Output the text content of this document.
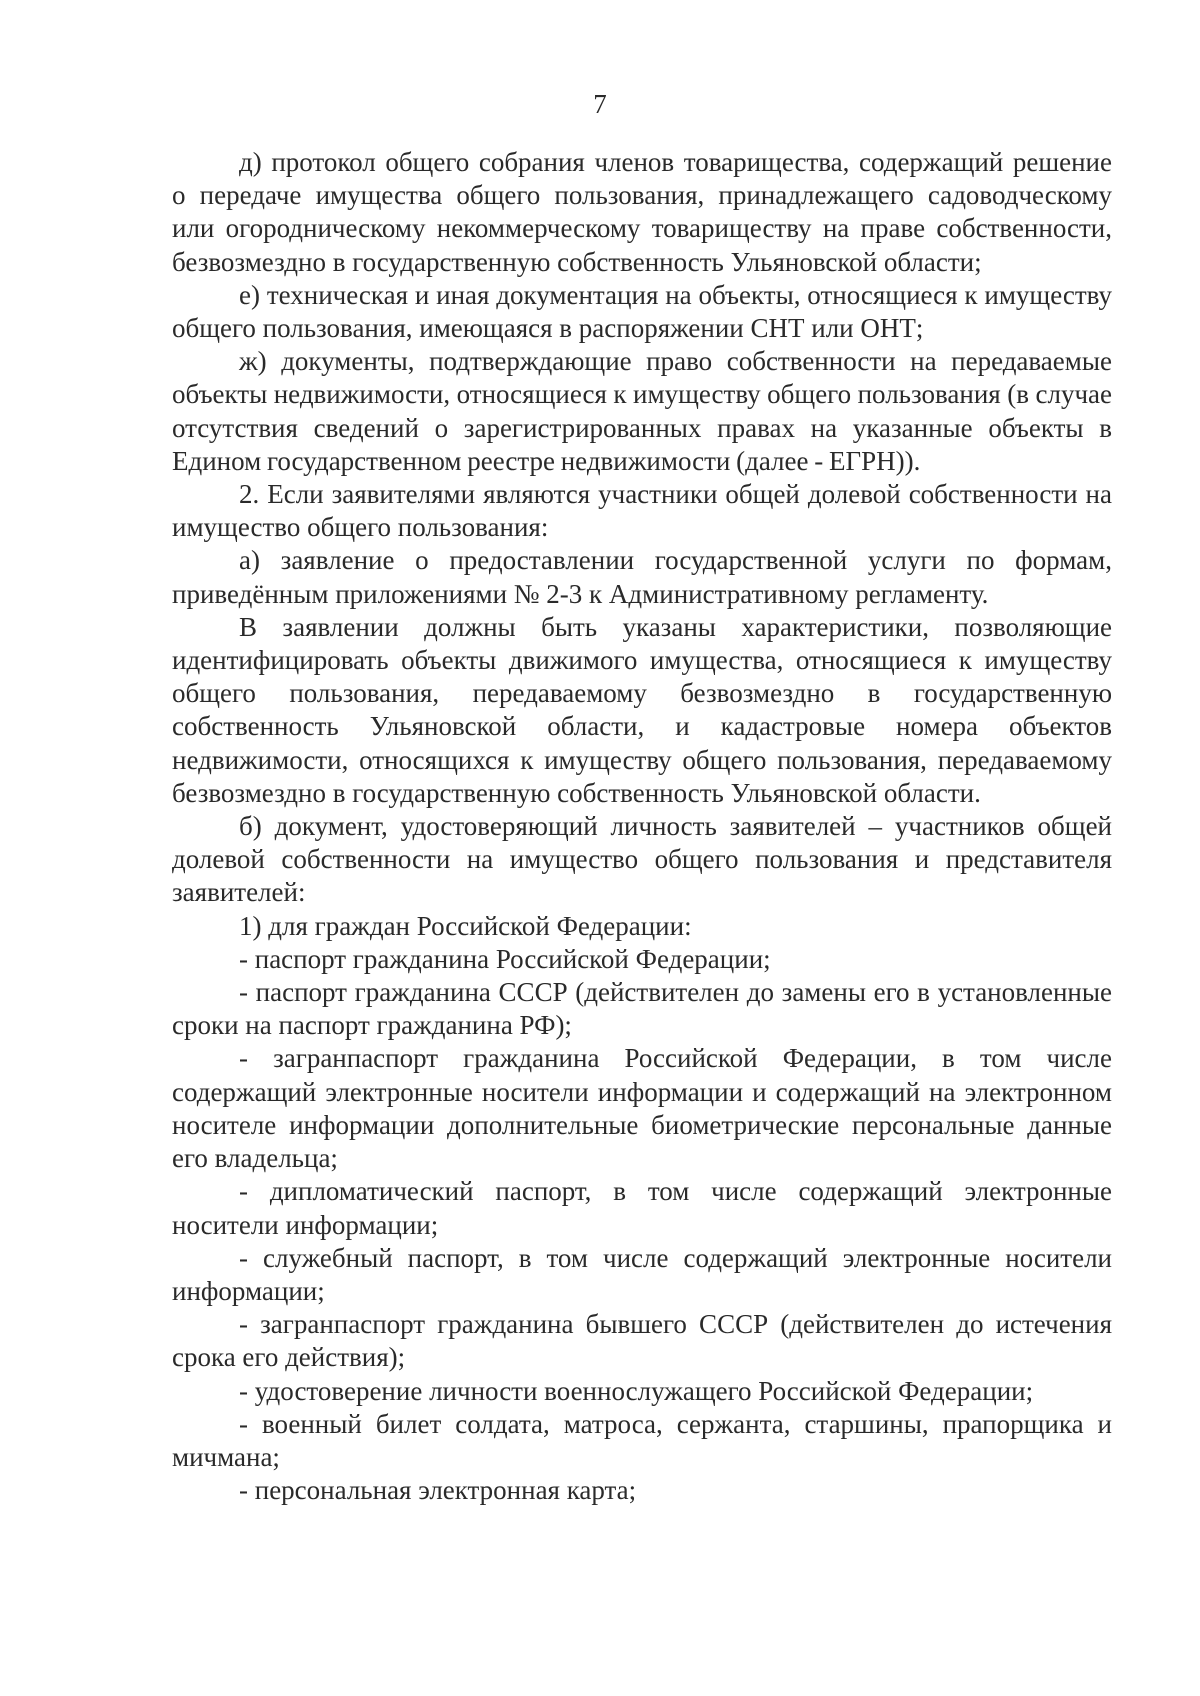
7

д) протокол общего собрания членов товарищества, содержащий решение о передаче имущества общего пользования, принадлежащего садоводческому или огородническому некоммерческому товариществу на праве собственности, безвозмездно в государственную собственность Ульяновской области;

е) техническая и иная документация на объекты, относящиеся к имуществу общего пользования, имеющаяся в распоряжении СНТ или ОНТ;

ж) документы, подтверждающие право собственности на передаваемые объекты недвижимости, относящиеся к имуществу общего пользования (в случае отсутствия сведений о зарегистрированных правах на указанные объекты в Едином государственном реестре недвижимости (далее - ЕГРН)).

2. Если заявителями являются участники общей долевой собственности на имущество общего пользования:

а) заявление о предоставлении государственной услуги по формам, приведённым приложениями № 2-3 к Административному регламенту.

В заявлении должны быть указаны характеристики, позволяющие идентифицировать объекты движимого имущества, относящиеся к имуществу общего пользования, передаваемому безвозмездно в государственную собственность Ульяновской области, и кадастровые номера объектов недвижимости, относящихся к имуществу общего пользования, передаваемому безвозмездно в государственную собственность Ульяновской области.

б) документ, удостоверяющий личность заявителей – участников общей долевой собственности на имущество общего пользования и представителя заявителей:

1) для граждан Российской Федерации:

- паспорт гражданина Российской Федерации;

- паспорт гражданина СССР (действителен до замены его в установленные сроки на паспорт гражданина РФ);

- загранпаспорт гражданина Российской Федерации, в том числе содержащий электронные носители информации и содержащий на электронном носителе информации дополнительные биометрические персональные данные его владельца;

- дипломатический паспорт, в том числе содержащий электронные носители информации;

- служебный паспорт, в том числе содержащий электронные носители информации;

- загранпаспорт гражданина бывшего СССР (действителен до истечения срока его действия);

- удостоверение личности военнослужащего Российской Федерации;

- военный билет солдата, матроса, сержанта, старшины, прапорщика и мичмана;

- персональная электронная карта;
